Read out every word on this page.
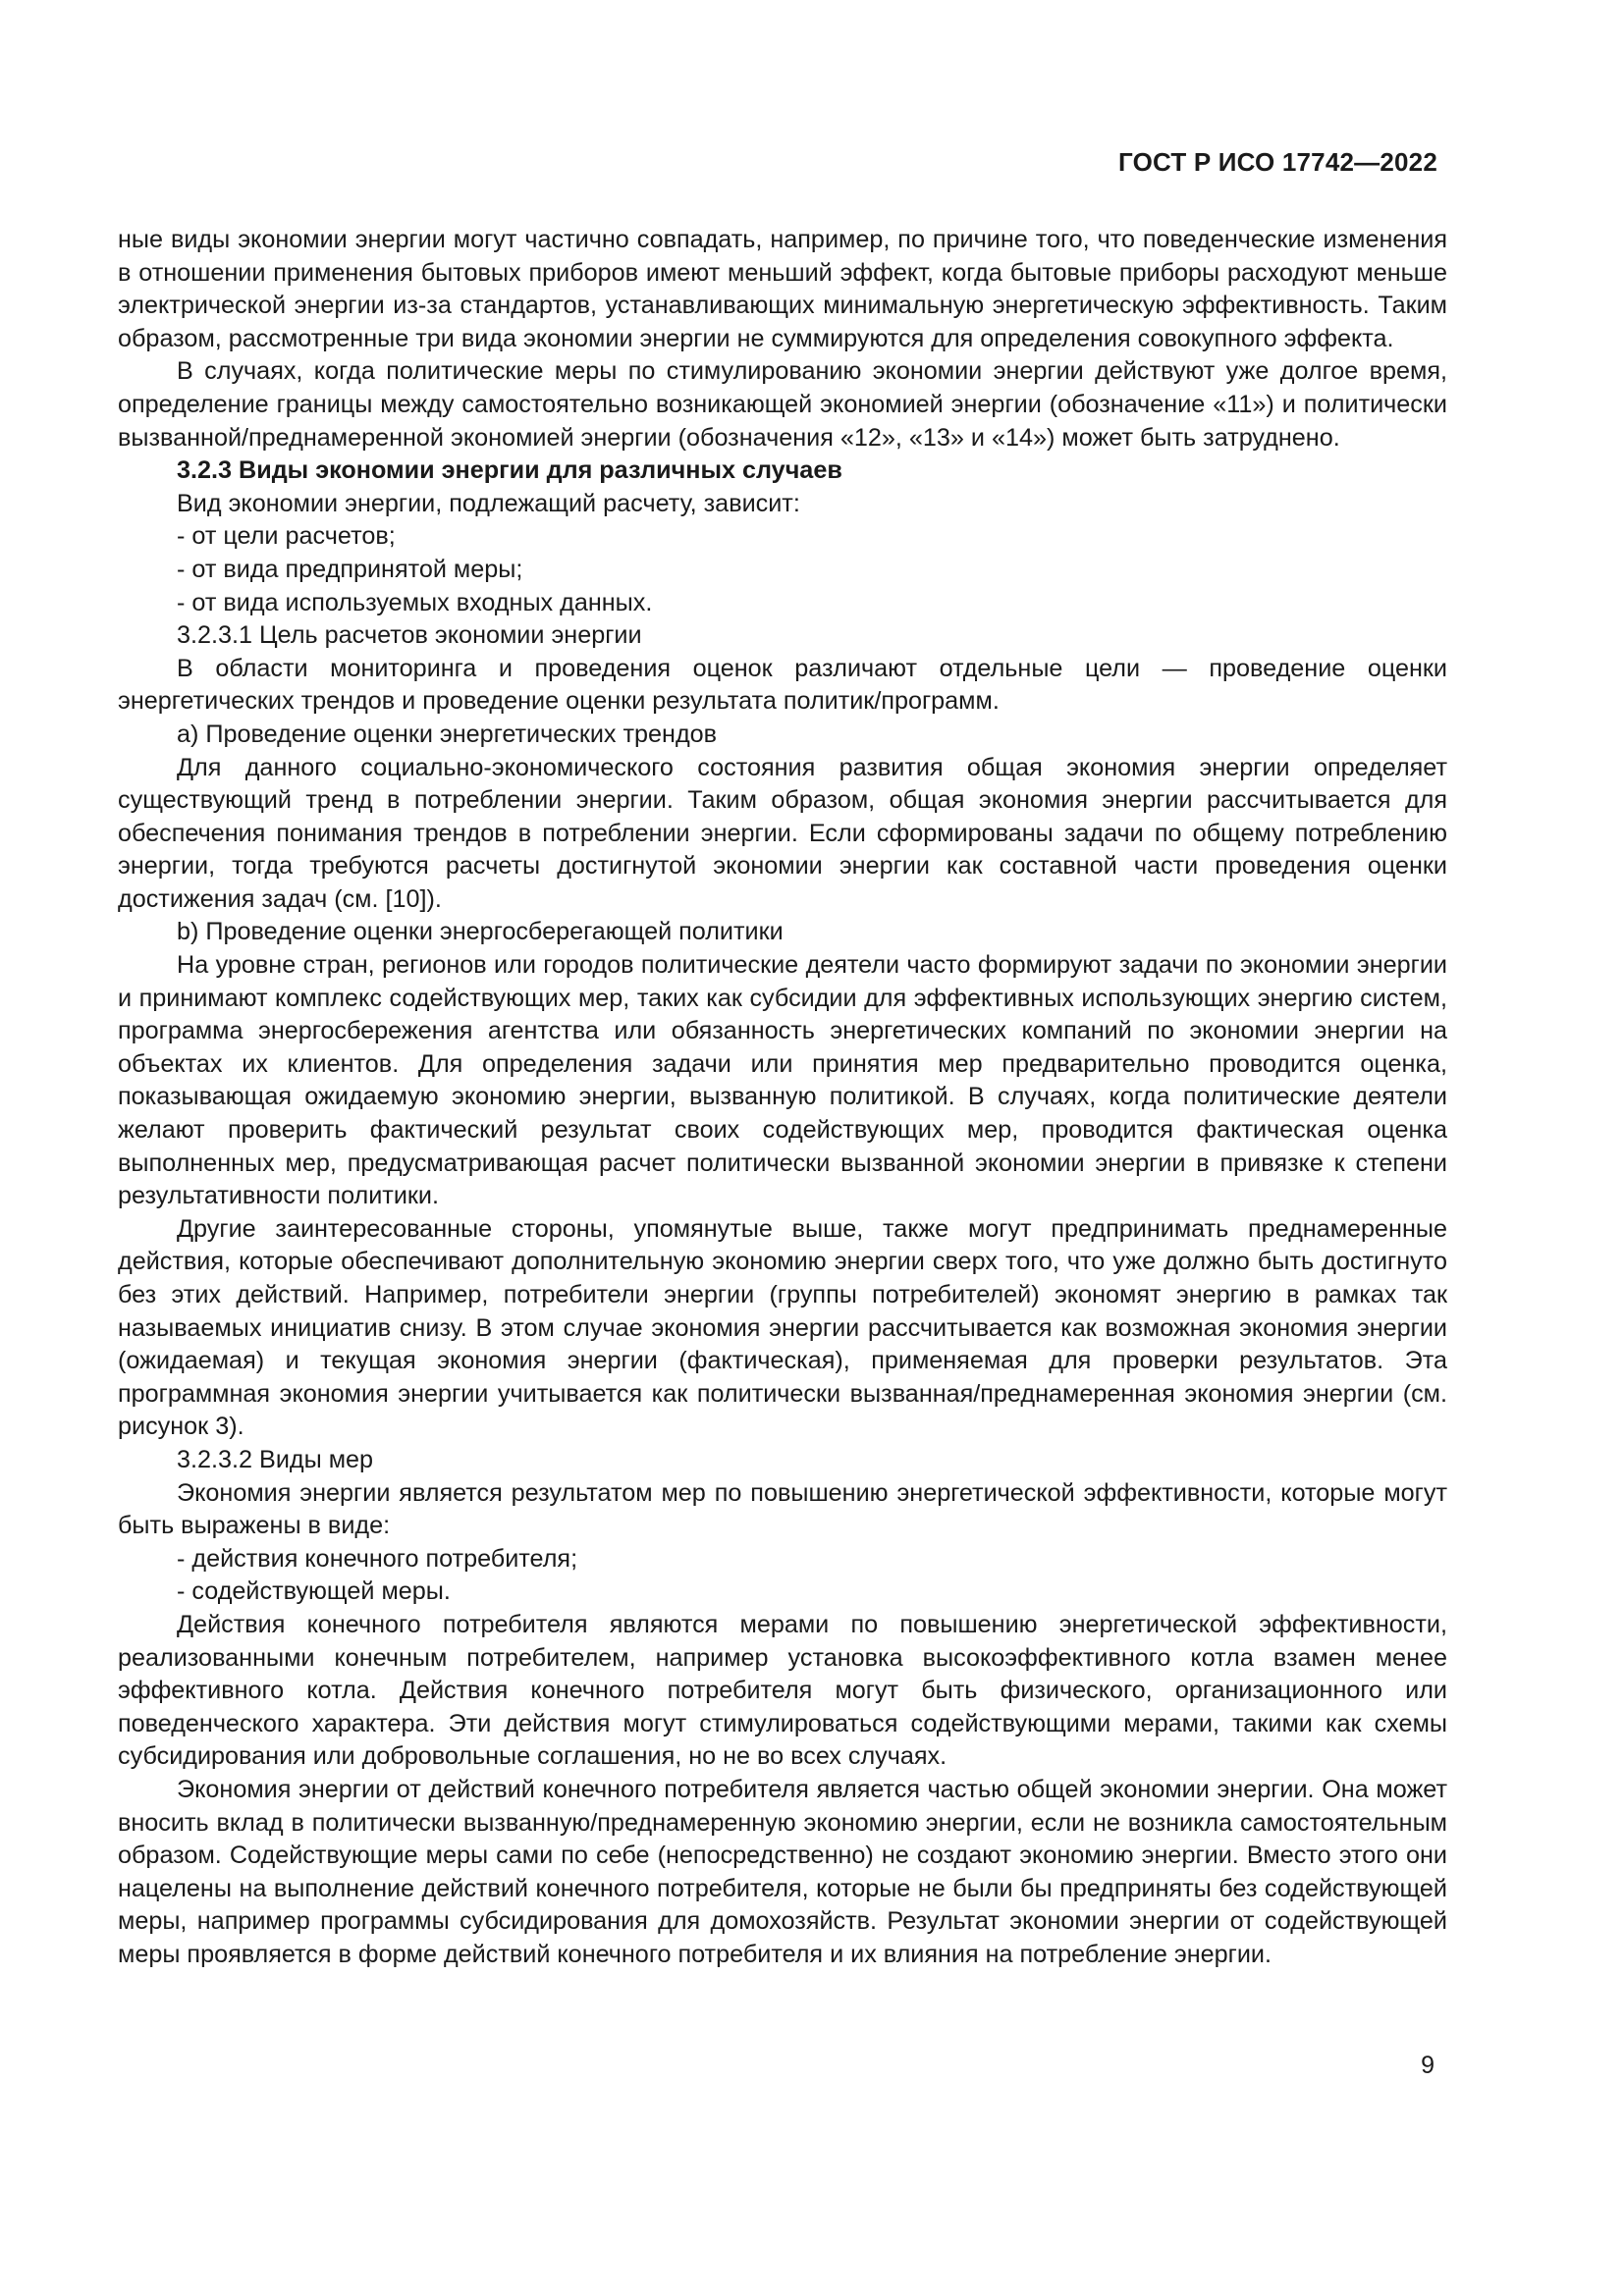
ГОСТ Р ИСО 17742—2022

ные виды экономии энергии могут частично совпадать, например, по причине того, что поведенческие изменения в отношении применения бытовых приборов имеют меньший эффект, когда бытовые приборы расходуют меньше электрической энергии из-за стандартов, устанавливающих минимальную энергетическую эффективность. Таким образом, рассмотренные три вида экономии энергии не суммируются для определения совокупного эффекта.

В случаях, когда политические меры по стимулированию экономии энергии действуют уже долгое время, определение границы между самостоятельно возникающей экономией энергии (обозначение «11») и политически вызванной/преднамеренной экономией энергии (обозначения «12», «13» и «14») может быть затруднено.

3.2.3 Виды экономии энергии для различных случаев

Вид экономии энергии, подлежащий расчету, зависит:

- от цели расчетов;

- от вида предпринятой меры;

- от вида используемых входных данных.

3.2.3.1 Цель расчетов экономии энергии

В области мониторинга и проведения оценок различают отдельные цели — проведение оценки энергетических трендов и проведение оценки результата политик/программ.

a) Проведение оценки энергетических трендов

Для данного социально-экономического состояния развития общая экономия энергии определяет существующий тренд в потреблении энергии. Таким образом, общая экономия энергии рассчитывается для обеспечения понимания трендов в потреблении энергии. Если сформированы задачи по общему потреблению энергии, тогда требуются расчеты достигнутой экономии энергии как составной части проведения оценки достижения задач (см. [10]).

b) Проведение оценки энергосберегающей политики

На уровне стран, регионов или городов политические деятели часто формируют задачи по экономии энергии и принимают комплекс содействующих мер, таких как субсидии для эффективных использующих энергию систем, программа энергосбережения агентства или обязанность энергетических компаний по экономии энергии на объектах их клиентов. Для определения задачи или принятия мер предварительно проводится оценка, показывающая ожидаемую экономию энергии, вызванную политикой. В случаях, когда политические деятели желают проверить фактический результат своих содействующих мер, проводится фактическая оценка выполненных мер, предусматривающая расчет политически вызванной экономии энергии в привязке к степени результативности политики.

Другие заинтересованные стороны, упомянутые выше, также могут предпринимать преднамеренные действия, которые обеспечивают дополнительную экономию энергии сверх того, что уже должно быть достигнуто без этих действий. Например, потребители энергии (группы потребителей) экономят энергию в рамках так называемых инициатив снизу. В этом случае экономия энергии рассчитывается как возможная экономия энергии (ожидаемая) и текущая экономия энергии (фактическая), применяемая для проверки результатов. Эта программная экономия энергии учитывается как политически вызванная/преднамеренная экономия энергии (см. рисунок 3).

3.2.3.2 Виды мер

Экономия энергии является результатом мер по повышению энергетической эффективности, которые могут быть выражены в виде:

- действия конечного потребителя;

- содействующей меры.

Действия конечного потребителя являются мерами по повышению энергетической эффективности, реализованными конечным потребителем, например установка высокоэффективного котла взамен менее эффективного котла. Действия конечного потребителя могут быть физического, организационного или поведенческого характера. Эти действия могут стимулироваться содействующими мерами, такими как схемы субсидирования или добровольные соглашения, но не во всех случаях.

Экономия энергии от действий конечного потребителя является частью общей экономии энергии. Она может вносить вклад в политически вызванную/преднамеренную экономию энергии, если не возникла самостоятельным образом. Содействующие меры сами по себе (непосредственно) не создают экономию энергии. Вместо этого они нацелены на выполнение действий конечного потребителя, которые не были бы предприняты без содействующей меры, например программы субсидирования для домохозяйств. Результат экономии энергии от содействующей меры проявляется в форме действий конечного потребителя и их влияния на потребление энергии.

9
